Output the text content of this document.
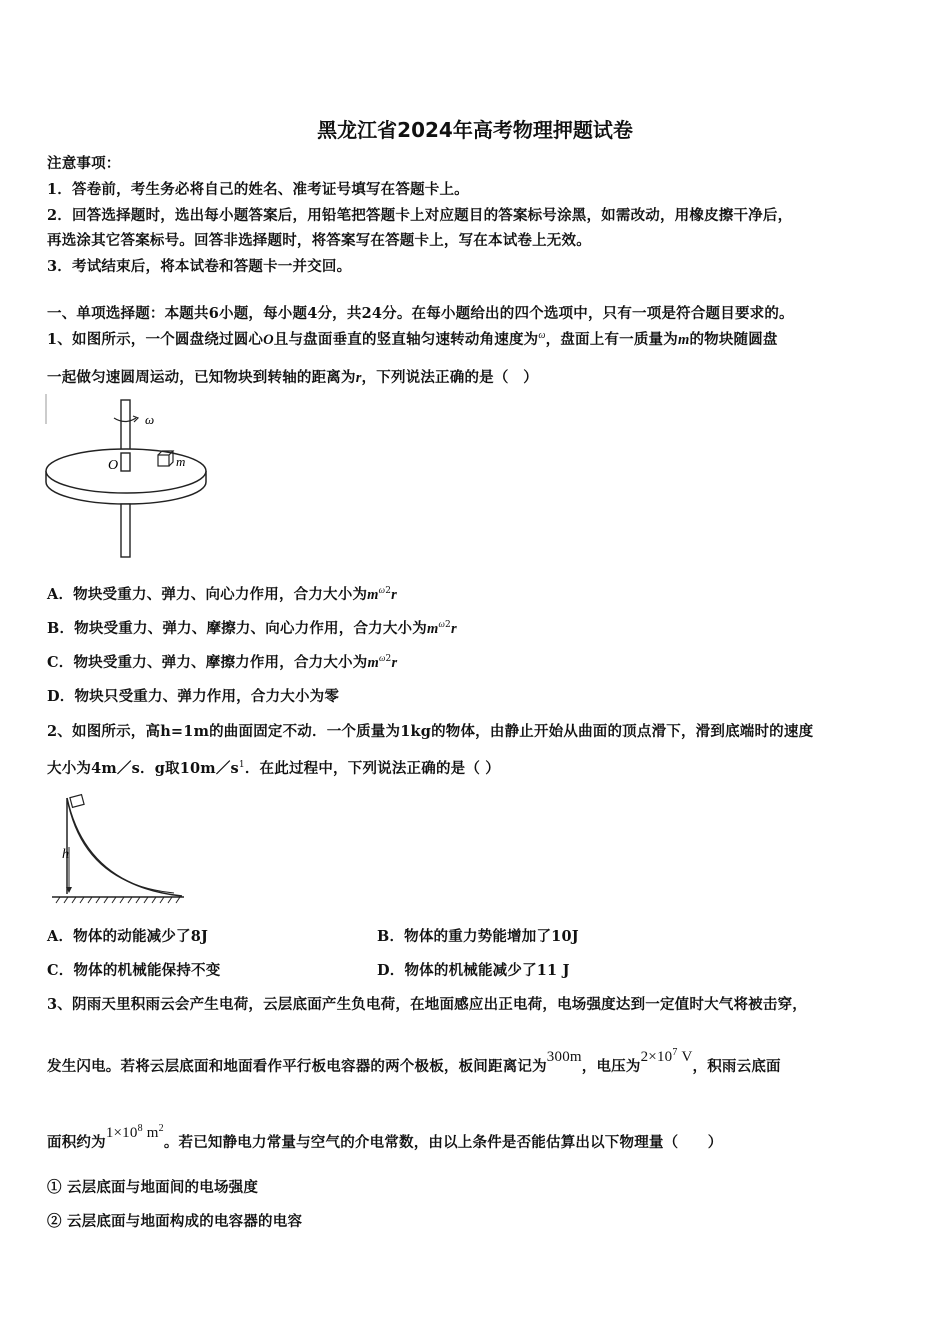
黑龙江省2024年高考物理押题试卷
注意事项：
1．答卷前，考生务必将自己的姓名、准考证号填写在答题卡上。
2．回答选择题时，选出每小题答案后，用铅笔把答题卡上对应题目的答案标号涂黑，如需改动，用橡皮擦干净后，
再选涂其它答案标号。回答非选择题时，将答案写在答题卡上，写在本试卷上无效。
3．考试结束后，将本试卷和答题卡一并交回。
一、单项选择题：本题共6小题，每小题4分，共24分。在每小题给出的四个选项中，只有一项是符合题目要求的。
1、如图所示，一个圆盘绕过圆心O且与盘面垂直的竖直轴匀速转动角速度为$^\omega$，盘面上有一质量为m的物块随圆盘
一起做匀速圆周运动，已知物块到转轴的距离为r，下列说法正确的是（　）
ω
O	m
A．物块受重力、弹力、向心力作用，合力大小为$m^{\omega 2}r$
B．物块受重力、弹力、摩擦力、向心力作用，合力大小为$m^{\omega 2}r$
C．物块受重力、弹力、摩擦力作用，合力大小为$m^{\omega 2}r$
D．物块只受重力、弹力作用，合力大小为零
2、如图所示，高h=1m的曲面固定不动．一个质量为1kg的物体，由静止开始从曲面的顶点滑下，滑到底端时的速度
大小为4m／s．g取$10m/s^1$．在此过程中，下列说法正确的是（ ）
h
A．物体的动能减少了8J	B．物体的重力势能增加了10J
C．物体的机械能保持不变	D．物体的机械能减少了11 J
3、阴雨天里积雨云会产生电荷，云层底面产生负电荷，在地面感应出正电荷，电场强度达到一定值时大气将被击穿，
发生闪电。若将云层底面和地面看作平行板电容器的两个极板，板间距离记为300m，电压为$2\times 10^7$ V，积雨云底面
面积约为$1\times 10^8$ $m^2$。若已知静电力常量与空气的介电常数，由以上条件是否能估算出以下物理量（　　）
① 云层底面与地面间的电场强度
② 云层底面与地面构成的电容器的电容
